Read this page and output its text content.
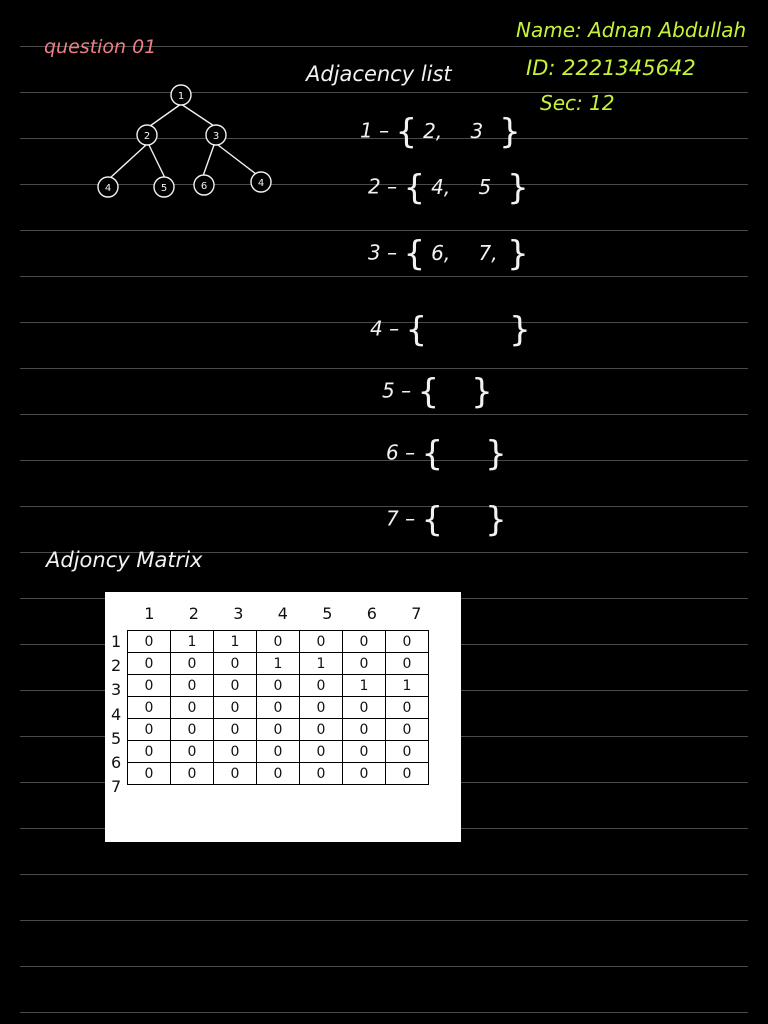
question 01
Name: Adnan Abdullah
ID: 2221345642
Sec: 12
1
2	3
4	5	6	4
Adjacency list
1 – { 2, 3 }
2 – { 4, 5 }
3 – { 6, 7, }
4 – { }
5 – { }
6 – { }
7 – { }
Adjoncy Matrix
1 2 3 4 5 6 7
1
2
3
4
5
6
7
0	1	1	0	0	0	0
0	0	0	1	1	0	0
0	0	0	0	0	1	1
0	0	0	0	0	0	0
0	0	0	0	0	0	0
0	0	0	0	0	0	0
0	0	0	0	0	0	0
